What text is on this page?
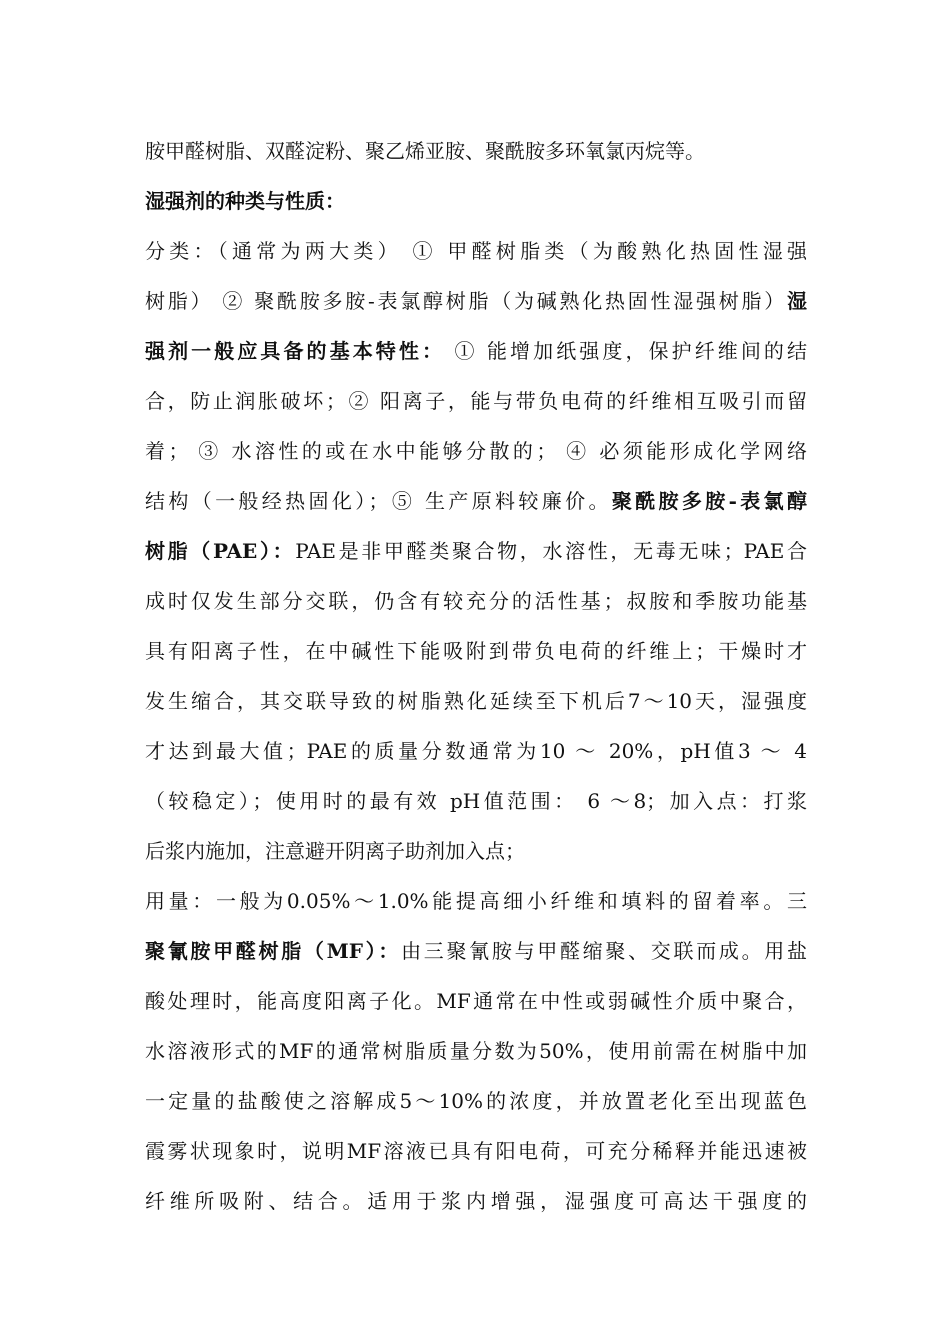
胺甲醛树脂、双醛淀粉、聚乙烯亚胺、聚酰胺多环氧氯丙烷等。
湿强剂的种类与性质：
分类：（通常为两大类） ① 甲醛树脂类（为酸熟化热固性湿强
树脂） ② 聚酰胺多胺-表氯醇树脂（为碱熟化热固性湿强树脂）湿
强剂一般应具备的基本特性： ① 能增加纸强度，保护纤维间的结
合，防止润胀破坏；② 阳离子，能与带负电荷的纤维相互吸引而留
着； ③ 水溶性的或在水中能够分散的； ④ 必须能形成化学网络
结构（一般经热固化）；⑤ 生产原料较廉价。聚酰胺多胺-表氯醇
树脂（PAE）：PAE是非甲醛类聚合物，水溶性，无毒无味；PAE合
成时仅发生部分交联，仍含有较充分的活性基；叔胺和季胺功能基
具有阳离子性，在中碱性下能吸附到带负电荷的纤维上；干燥时才
发生缩合，其交联导致的树脂熟化延续至下机后7～10天，湿强度
才达到最大值；PAE的质量分数通常为10 ～ 20%，pH值3 ～ 4
（较稳定）；使用时的最有效 pH值范围： 6 ～8；加入点：打浆
后浆内施加，注意避开阴离子助剂加入点；
用量：一般为0.05%～1.0%能提高细小纤维和填料的留着率。三
聚氰胺甲醛树脂（MF）：由三聚氰胺与甲醛缩聚、交联而成。用盐
酸处理时，能高度阳离子化。MF通常在中性或弱碱性介质中聚合，
水溶液形式的MF的通常树脂质量分数为50%，使用前需在树脂中加
一定量的盐酸使之溶解成5～10%的浓度，并放置老化至出现蓝色
霞雾状现象时，说明MF溶液已具有阳电荷，可充分稀释并能迅速被
纤维所吸附、结合。适用于浆内增强，湿强度可高达干强度的
